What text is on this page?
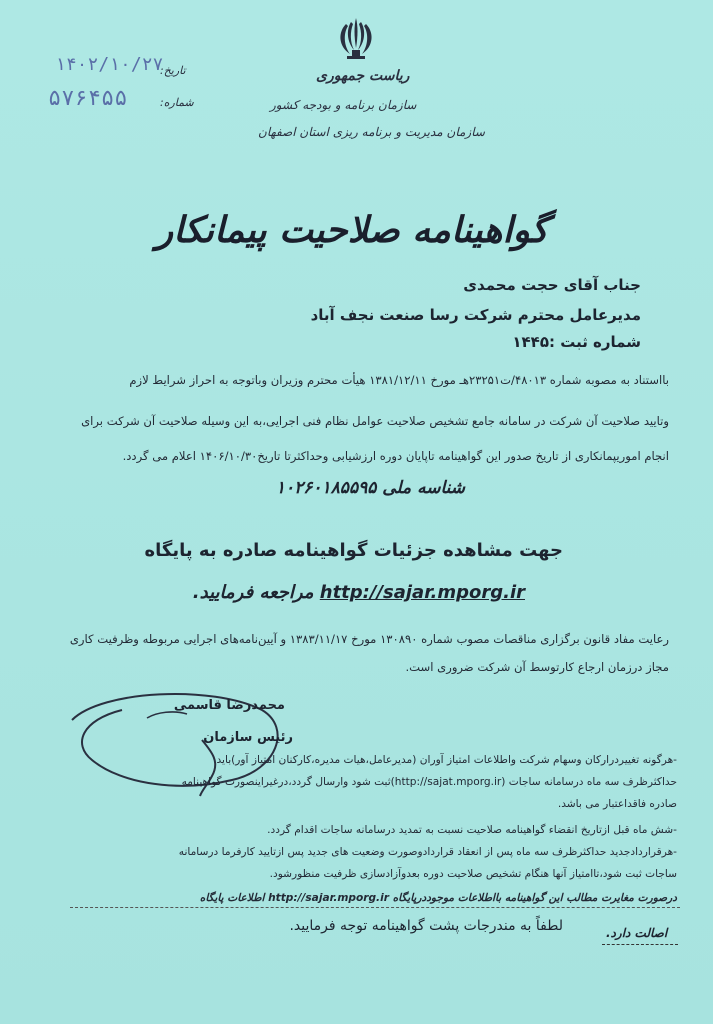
ریاست جمهوری
سازمان برنامه و بودجه کشور
سازمان مدیریت و برنامه ریزی استان اصفهان
تاریخ:
۱۴۰۲/۱۰/۲۷
شماره:
۵۷۶۴۵۵
گواهینامه صلاحیت پیمانکار
جناب آقای حجت محمدی
مدیرعامل محترم شرکت رسا صنعت نجف آباد
شماره ثبت :۱۴۴۵
بااستناد به مصوبه شماره ۴۸۰۱۳/ت۲۳۲۵۱هـ مورخ ۱۳۸۱/۱۲/۱۱ هیأت محترم وزیران وباتوجه به احراز شرایط لازم
وتایید صلاحیت آن شرکت در سامانه جامع تشخیص صلاحیت عوامل نظام فنی اجرایی،به این وسیله صلاحیت آن شرکت برای
انجام اموریپمانکاری از تاریخ صدور این گواهینامه تاپایان دوره ارزشیابی وحداکثرتا تاریخ۱۴۰۶/۱۰/۳۰ اعلام می گردد.
شناسه ملی ۱۰۲۶۰۱۸۵۵۹۵
جهت مشاهده جزئیات گواهینامه صادره به پایگاه
http://sajar.mporg.ir مراجعه فرمایید.
رعایت مفاد قانون برگزاری مناقصات مصوب شماره ۱۳۰۸۹۰ مورخ ۱۳۸۳/۱۱/۱۷ و آیین‌نامه‌های اجرایی مربوطه وظرفیت کاری
مجاز درزمان ارجاع کارتوسط آن شرکت ضروری است.
محمدرضا قاسمی
رئیس سازمان
-هرگونه تغییردرارکان وسهام شرکت واطلاعات امتیاز آوران (مدیرعامل،هیات مدیره،کارکنان امتیاز آور)باید
حداکثرظرف سه ماه درسامانه ساجات (http://sajat.mporg.ir)ثبت شود وارسال گردد،درغیراینصورت گواهینامه
صادره فاقداعتبار می باشد.
-شش ماه قبل ازتاریخ انقضاء گواهینامه صلاحیت نسبت به تمدید درسامانه ساجات اقدام گردد.
-هرقراردادجدید حداکثرظرف سه ماه پس از انعقاد قراردادوصورت وضعیت های جدید پس ازتایید کارفرما درسامانه
ساجات ثبت شود،تاامتیاز آنها هنگام تشخیص صلاحیت دوره بعدوآزادسازی ظرفیت منظورشود.
درصورت مغایرت مطالب این گواهینامه بااطلاعات موجوددرپایگاه http://sajar.mporg.ir اطلاعات پایگاه
لطفاً به مندرجات پشت گواهینامه توجه فرمایید.	اصالت دارد.
